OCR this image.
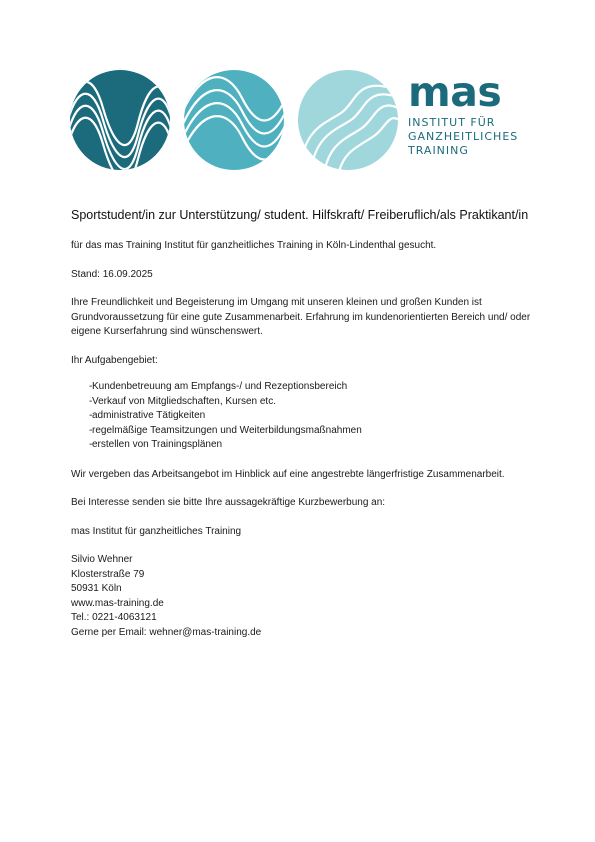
mas
INSTITUT FÜR
GANZHEITLICHES
TRAINING
Sportstudent/in zur Unterstützung/ student. Hilfskraft/ Freiberuflich/als Praktikant/in

für das mas Training Institut für ganzheitliches Training in Köln-Lindenthal gesucht.

Stand: 16.09.2025

Ihre Freundlichkeit und Begeisterung im Umgang mit unseren kleinen und großen Kunden ist Grundvoraussetzung für eine gute Zusammenarbeit. Erfahrung im kundenorientierten Bereich und/ oder eigene Kurserfahrung sind wünschenswert.

Ihr Aufgabengebiet:

- Kundenbetreuung am Empfangs-/ und Rezeptionsbereich
- Verkauf von Mitgliedschaften, Kursen etc.
- administrative Tätigkeiten
- regelmäßige Teamsitzungen und Weiterbildungsmaßnahmen
- erstellen von Trainingsplänen

Wir vergeben das Arbeitsangebot im Hinblick auf eine angestrebte längerfristige Zusammenarbeit.

Bei Interesse senden sie bitte Ihre aussagekräftige Kurzbewerbung an:

mas Institut für ganzheitliches Training

Silvio Wehner

Klosterstraße 79

50931 Köln

www.mas-training.de

Tel.: 0221-4063121

Gerne per Email: wehner@mas-training.de
